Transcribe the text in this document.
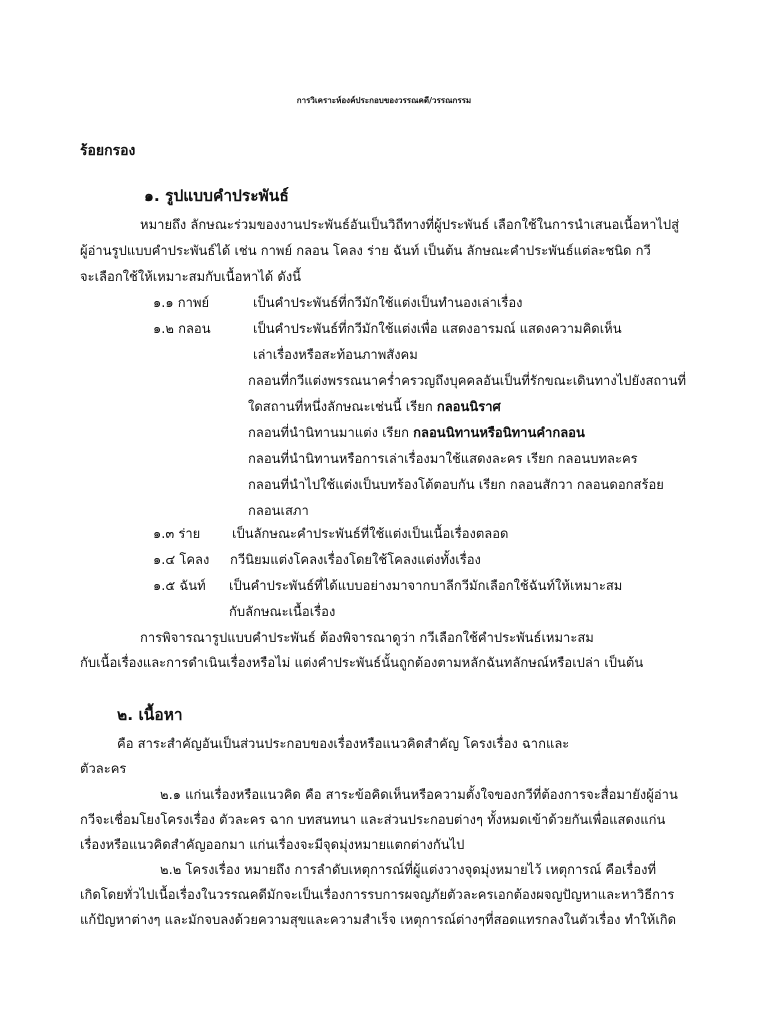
การวิเคราะห์องค์ประกอบของวรรณคดี/วรรณกรรม
ร้อยกรอง
๑. รูปแบบคำประพันธ์
หมายถึง ลักษณะร่วมของงานประพันธ์อันเป็นวิถีทางที่ผู้ประพันธ์ เลือกใช้ในการนำเสนอเนื้อหาไปสู่
ผู้อ่านรูปแบบคำประพันธ์ได้ เช่น กาพย์ กลอน โคลง ร่าย ฉันท์ เป็นต้น ลักษณะคำประพันธ์แต่ละชนิด กวี
จะเลือกใช้ให้เหมาะสมกับเนื้อหาได้ ดังนี้
๑.๑ กาพย์	เป็นคำประพันธ์ที่กวีมักใช้แต่งเป็นทำนองเล่าเรื่อง
๑.๒ กลอน	เป็นคำประพันธ์ที่กวีมักใช้แต่งเพื่อ แสดงอารมณ์ แสดงความคิดเห็น
เล่าเรื่องหรือสะท้อนภาพสังคม
กลอนที่กวีแต่งพรรณนาคร่ำครวญถึงบุคคลอันเป็นที่รักขณะเดินทางไปยังสถานที่
ใดสถานที่หนึ่งลักษณะเช่นนี้ เรียก กลอนนิราศ
กลอนที่นำนิทานมาแต่ง เรียก กลอนนิทานหรือนิทานคำกลอน
กลอนที่นำนิทานหรือการเล่าเรื่องมาใช้แสดงละคร เรียก กลอนบทละคร
กลอนที่นำไปใช้แต่งเป็นบทร้องโต้ตอบกัน เรียก กลอนสักวา กลอนดอกสร้อย
กลอนเสภา
๑.๓ ร่าย เป็นลักษณะคำประพันธ์ที่ใช้แต่งเป็นเนื้อเรื่องตลอด
๑.๔ โคลง กวีนิยมแต่งโคลงเรื่องโดยใช้โคลงแต่งทั้งเรื่อง
๑.๕ ฉันท์ เป็นคำประพันธ์ที่ได้แบบอย่างมาจากบาลีกวีมักเลือกใช้ฉันท์ให้เหมาะสม
กับลักษณะเนื้อเรื่อง
การพิจารณารูปแบบคำประพันธ์ ต้องพิจารณาดูว่า กวีเลือกใช้คำประพันธ์เหมาะสม
กับเนื้อเรื่องและการดำเนินเรื่องหรือไม่ แต่งคำประพันธ์นั้นถูกต้องตามหลักฉันทลักษณ์หรือเปล่า เป็นต้น
๒. เนื้อหา
คือ สาระสำคัญอันเป็นส่วนประกอบของเรื่องหรือแนวคิดสำคัญ โครงเรื่อง ฉากและ
ตัวละคร
๒.๑ แก่นเรื่องหรือแนวคิด คือ สาระข้อคิดเห็นหรือความตั้งใจของกวีที่ต้องการจะสื่อมายังผู้อ่าน
กวีจะเชื่อมโยงโครงเรื่อง ตัวละคร ฉาก บทสนทนา และส่วนประกอบต่างๆ ทั้งหมดเข้าด้วยกันเพื่อแสดงแก่น
เรื่องหรือแนวคิดสำคัญออกมา แก่นเรื่องจะมีจุดมุ่งหมายแตกต่างกันไป
๒.๒ โครงเรื่อง หมายถึง การลำดับเหตุการณ์ที่ผู้แต่งวางจุดมุ่งหมายไว้ เหตุการณ์ คือเรื่องที่
เกิดโดยทั่วไปเนื้อเรื่องในวรรณคดีมักจะเป็นเรื่องการรบการผจญภัยตัวละครเอกต้องผจญปัญหาและหาวิธีการ
แก้ปัญหาต่างๆ และมักจบลงด้วยความสุขและความสำเร็จ เหตุการณ์ต่างๆที่สอดแทรกลงในตัวเรื่อง ทำให้เกิด
